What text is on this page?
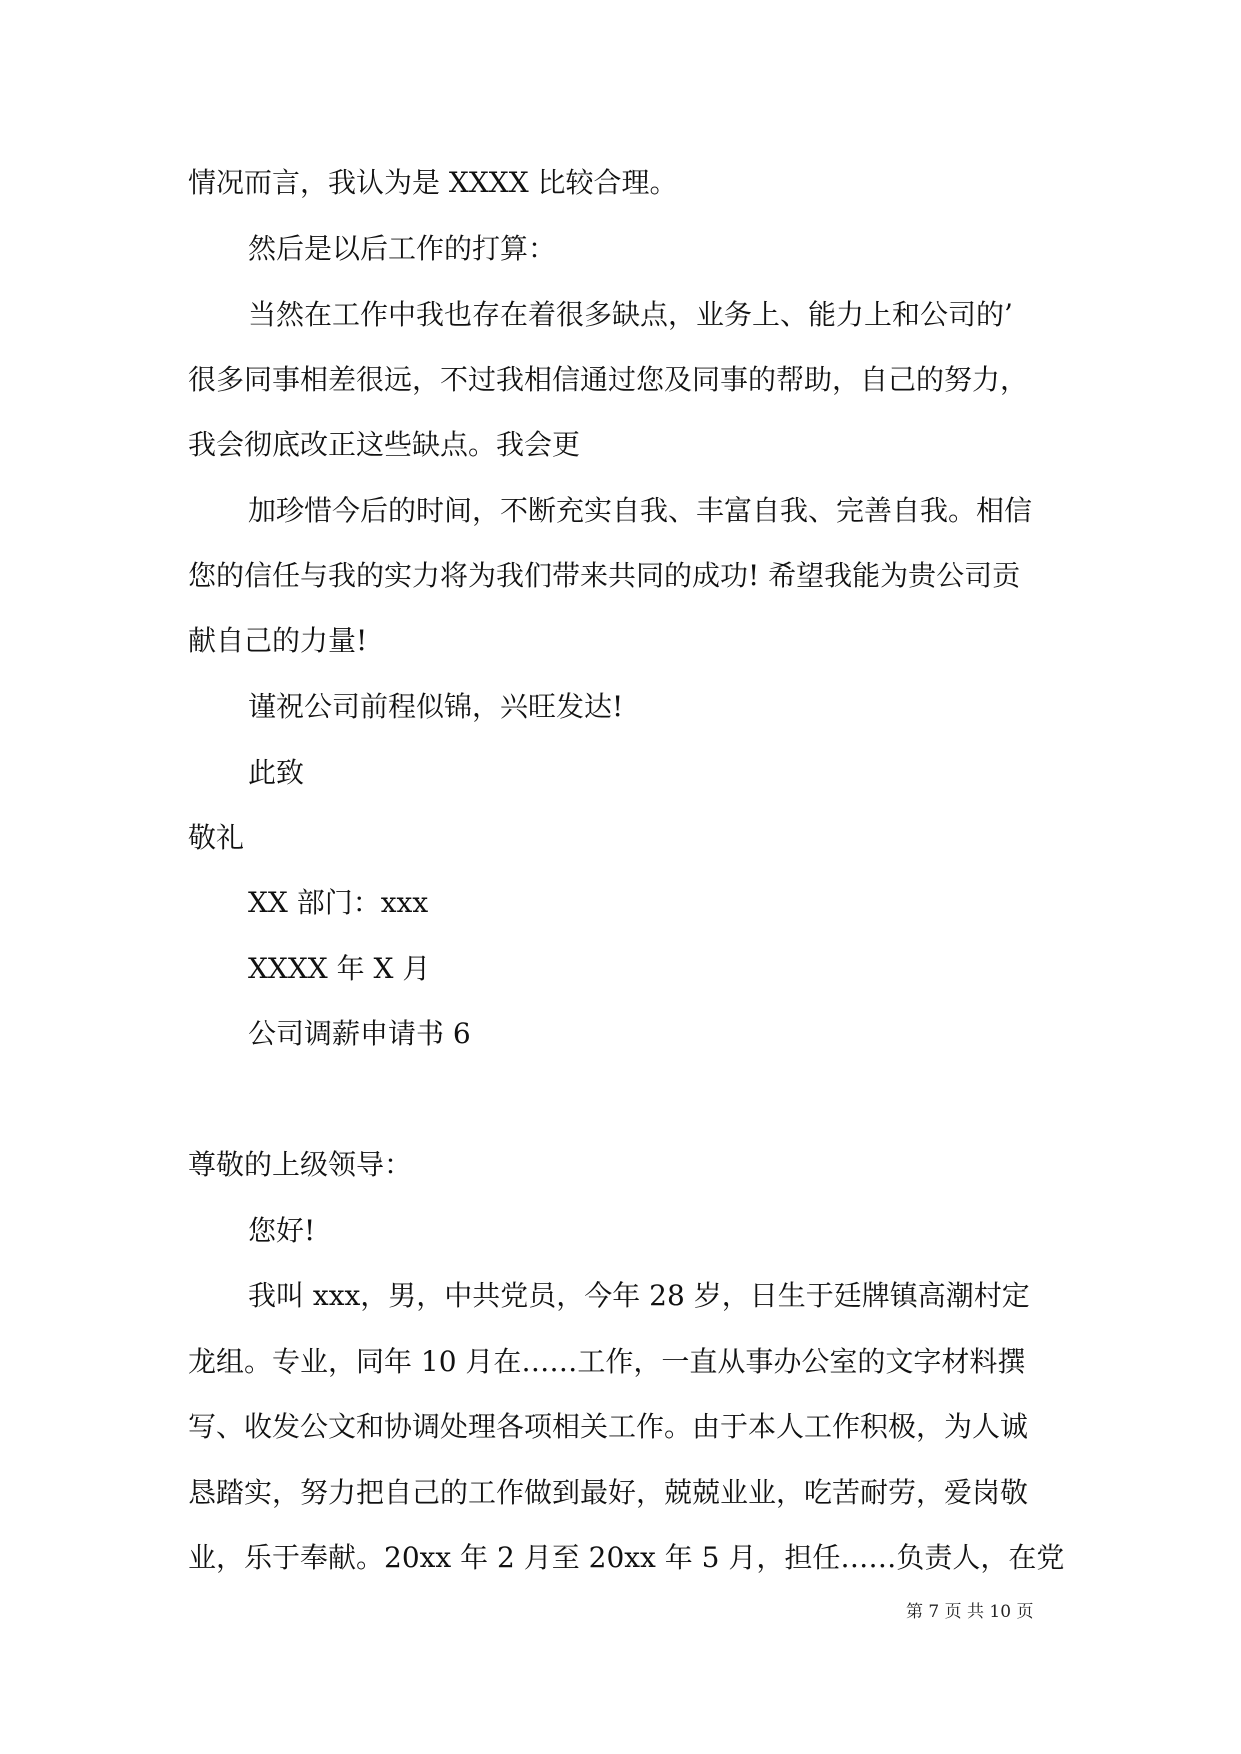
情况而言，我认为是 XXXX 比较合理。
然后是以后工作的打算：
当然在工作中我也存在着很多缺点，业务上、能力上和公司的’
很多同事相差很远，不过我相信通过您及同事的帮助，自己的努力，
我会彻底改正这些缺点。我会更
加珍惜今后的时间，不断充实自我、丰富自我、完善自我。相信
您的信任与我的实力将为我们带来共同的成功! 希望我能为贵公司贡
献自己的力量!
谨祝公司前程似锦，兴旺发达!
此致
敬礼
XX 部门：xxx
XXXX 年 X 月
公司调薪申请书 6
尊敬的上级领导：
您好!
我叫 xxx，男，中共党员，今年 28 岁，日生于廷牌镇高潮村定
龙组。专业，同年 10 月在……工作，一直从事办公室的文字材料撰
写、收发公文和协调处理各项相关工作。由于本人工作积极，为人诚
恳踏实，努力把自己的工作做到最好，兢兢业业，吃苦耐劳，爱岗敬
业，乐于奉献。20xx 年 2 月至 20xx 年 5 月，担任……负责人，在党
第 7 页 共 10 页
